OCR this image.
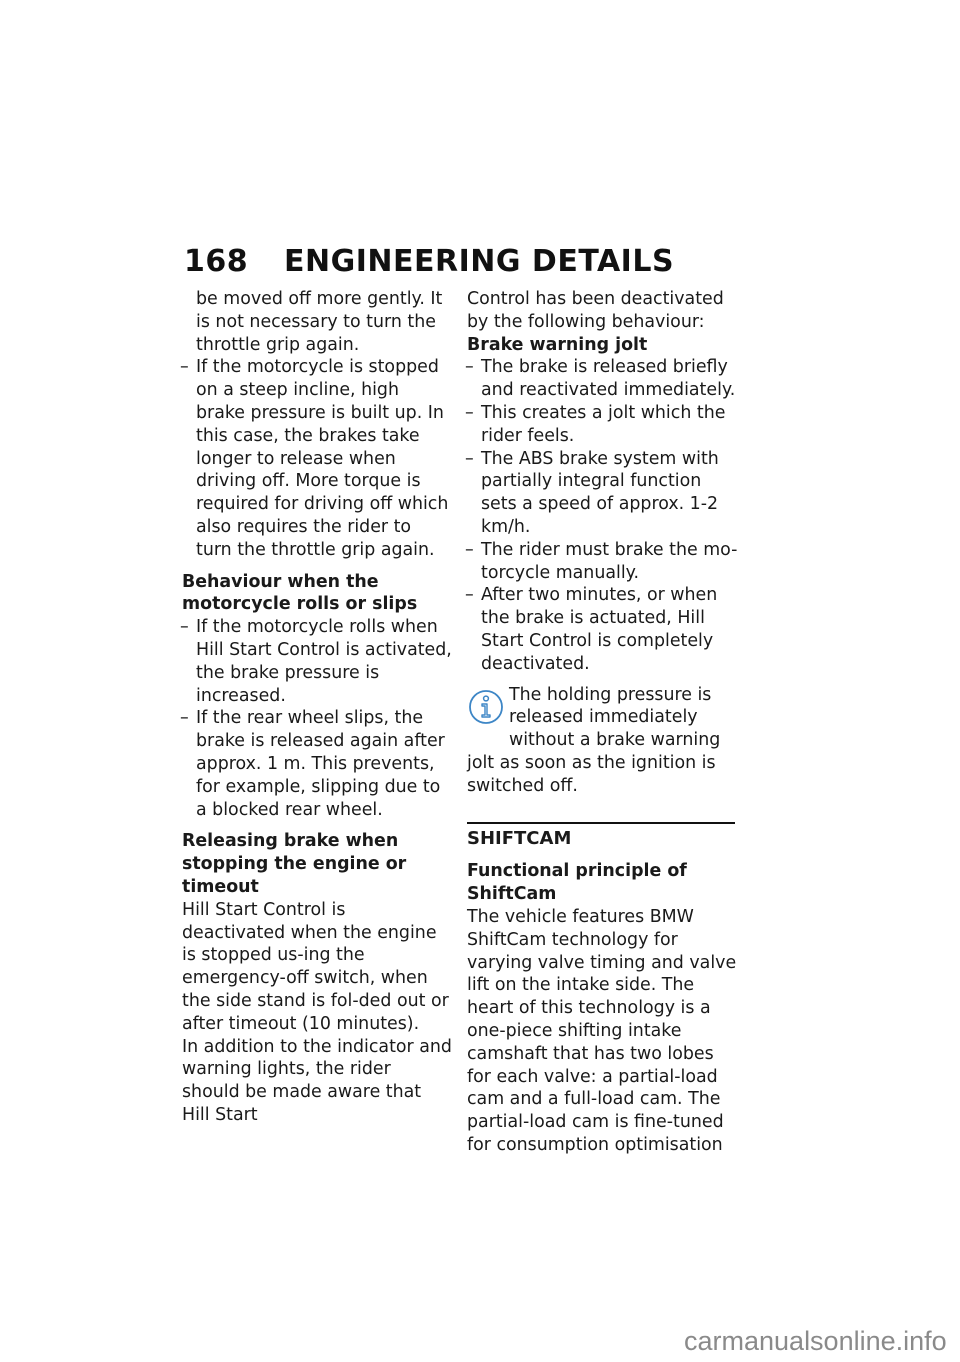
168 ENGINEERING DETAILS

be moved off more gently. It is not necessary to turn the throttle grip again.

– If the motorcycle is stopped on a steep incline, high brake pressure is built up. In this case, the brakes take longer to release when driving off. More torque is required for driving off which also requires the rider to turn the throttle grip again.

Behaviour when the motorcycle rolls or slips

– If the motorcycle rolls when Hill Start Control is activated, the brake pressure is increased.

– If the rear wheel slips, the brake is released again after approx. 1 m. This prevents, for example, slipping due to a blocked rear wheel.

Releasing brake when stopping the engine or timeout

Hill Start Control is deactivated when the engine is stopped us-ing the emergency-off switch, when the side stand is fol-ded out or after timeout (10 minutes).

In addition to the indicator and warning lights, the rider should be made aware that Hill Start

Control has been deactivated by the following behaviour:

Brake warning jolt

– The brake is released briefly and reactivated immediately.

– This creates a jolt which the rider feels.

– The ABS brake system with partially integral function sets a speed of approx. 1-2 km/h.

– The rider must brake the mo-torcycle manually.

– After two minutes, or when the brake is actuated, Hill Start Control is completely deactivated.

The holding pressure is released immediately without a brake warning jolt as soon as the ignition is switched off.

SHIFTCAM

Functional principle of ShiftCam

The vehicle features BMW ShiftCam technology for varying valve timing and valve lift on the intake side. The heart of this technology is a one-piece shifting intake camshaft that has two lobes for each valve: a partial-load cam and a full-load cam. The partial-load cam is fine-tuned for consumption optimisation

carmanualsonline.info
